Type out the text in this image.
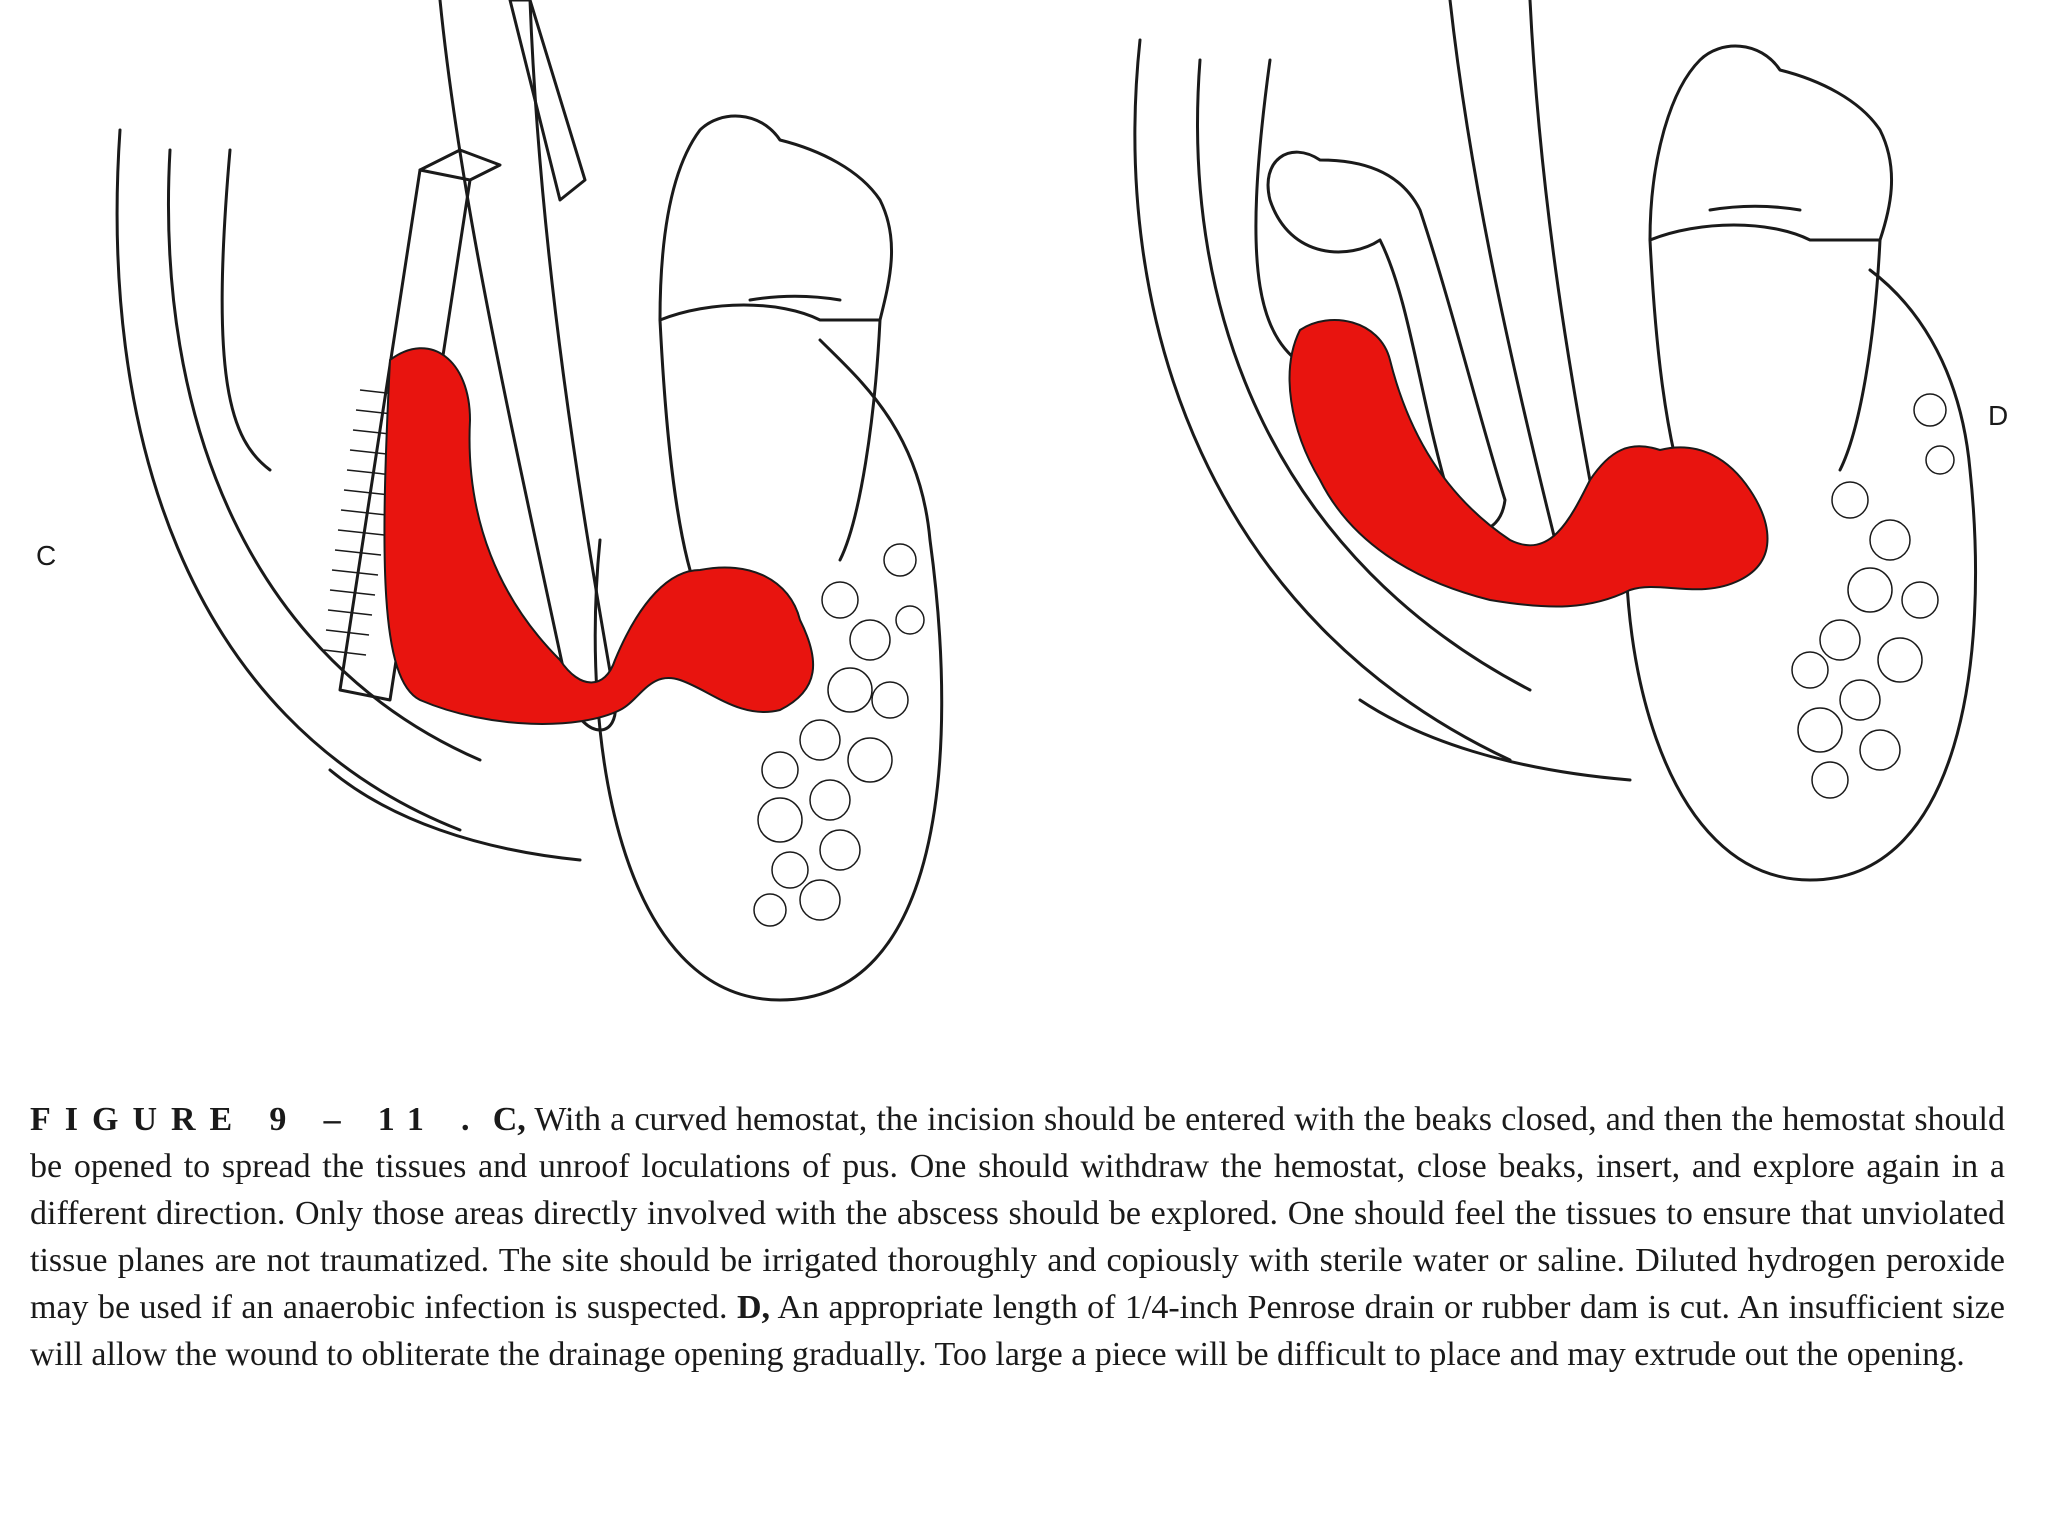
C
D
FIGURE 9 – 11 . C, With a curved hemostat, the incision should be entered with the beaks closed, and then the hemostat should be opened to spread the tissues and unroof loculations of pus. One should withdraw the hemostat, close beaks, insert, and explore again in a different direction. Only those areas directly involved with the abscess should be explored. One should feel the tissues to ensure that unviolated tissue planes are not traumatized. The site should be irrigated thoroughly and copiously with sterile water or saline. Diluted hydrogen peroxide may be used if an anaerobic infection is suspected. D, An appropriate length of 1/4-inch Penrose drain or rubber dam is cut. An insufficient size will allow the wound to obliterate the drainage opening gradually. Too large a piece will be difficult to place and may extrude out the opening.
